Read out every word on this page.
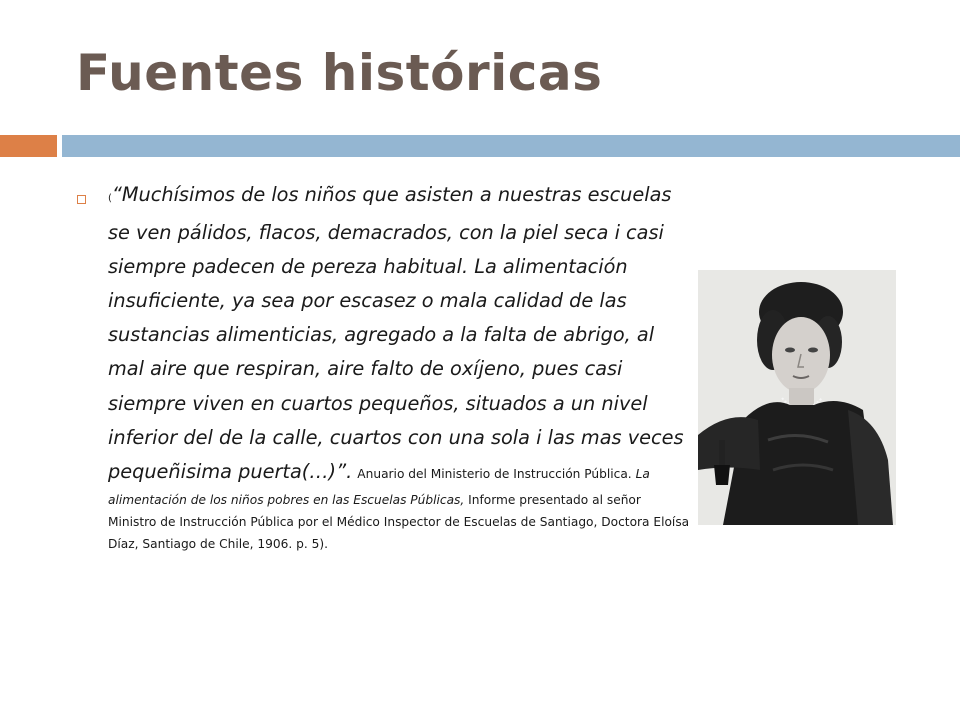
Fuentes históricas
(“Muchísimos de los niños que asisten a nuestras escuelas se ven pálidos, flacos, demacrados, con la piel seca i casi siempre padecen de pereza habitual. La alimentación insuficiente, ya sea por escasez o mala calidad de las sustancias alimenticias, agregado a la falta de abrigo, al mal aire que respiran, aire falto de oxíjeno, pues casi siempre viven en cuartos pequeños, situados a un nivel inferior del de la calle, cuartos con una sola i las mas veces pequeñisima puerta(…)”. Anuario del Ministerio de Instrucción Pública. La alimentación de los niños pobres en las Escuelas Públicas, Informe presentado al señor Ministro de Instrucción Pública por el Médico Inspector de Escuelas de Santiago, Doctora Eloísa Díaz, Santiago de Chile, 1906. p. 5).
